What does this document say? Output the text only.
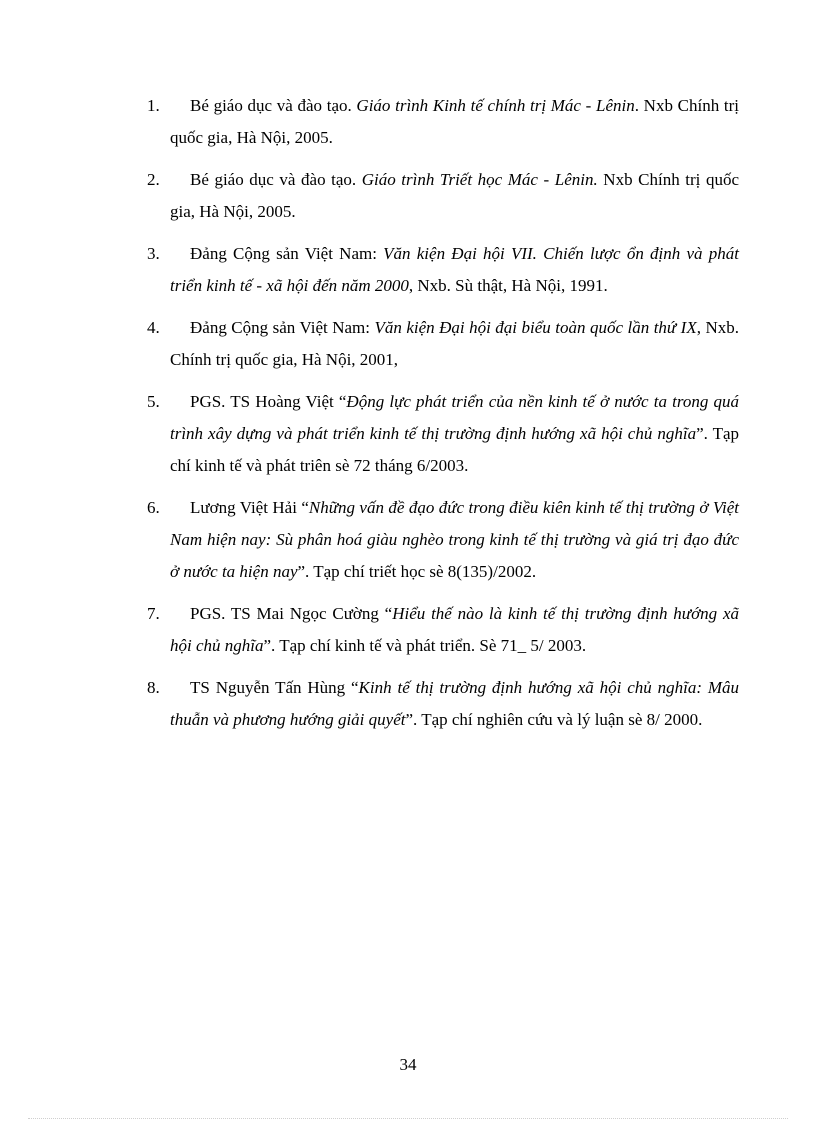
1.	Bé giáo dục và đào tạo. Giáo trình Kinh tế chính trị Mác - Lênin. Nxb Chính trị quốc gia, Hà Nội, 2005.
2.	Bé giáo dục và đào tạo. Giáo trình Triết học Mác - Lênin. Nxb Chính trị quốc gia, Hà Nội, 2005.
3.	Đảng Cộng sản Việt Nam: Văn kiện Đại hội VII. Chiến lược ổn định và phát triển kinh tế - xã hội đến năm 2000, Nxb. Sù thật, Hà Nội, 1991.
4.	Đảng Cộng sản Việt Nam: Văn kiện Đại hội đại biểu toàn quốc lần thứ IX, Nxb. Chính trị quốc gia, Hà Nội, 2001,
5.	PGS. TS Hoàng Việt “Động lực phát triển của nền kinh tế ở nước ta trong quá trình xây dựng và phát triển kinh tế thị trường định hướng xã hội chủ nghĩa”. Tạp chí kinh tế và phát triên sè 72 tháng 6/2003.
6.	Lương Việt Hải “Những vấn đề đạo đức trong điều kiên kinh tế thị trường ở Việt Nam hiện nay: Sù phân hoá giàu nghèo trong kinh tế thị trường và giá trị đạo đức ở nước ta hiện nay”. Tạp chí triết học sè 8(135)/2002.
7.	PGS. TS Mai Ngọc Cường “Hiểu thế nào là kinh tế thị trường định hướng xã hội chủ nghĩa”. Tạp chí kinh tế và phát triển. Sè 71_ 5/ 2003.
8.	TS Nguyễn Tấn Hùng “Kinh tế thị trường định hướng xã hội chủ nghĩa: Mâu thuẫn và phương hướng giải quyết”. Tạp chí nghiên cứu và lý luận sè 8/ 2000.
34
